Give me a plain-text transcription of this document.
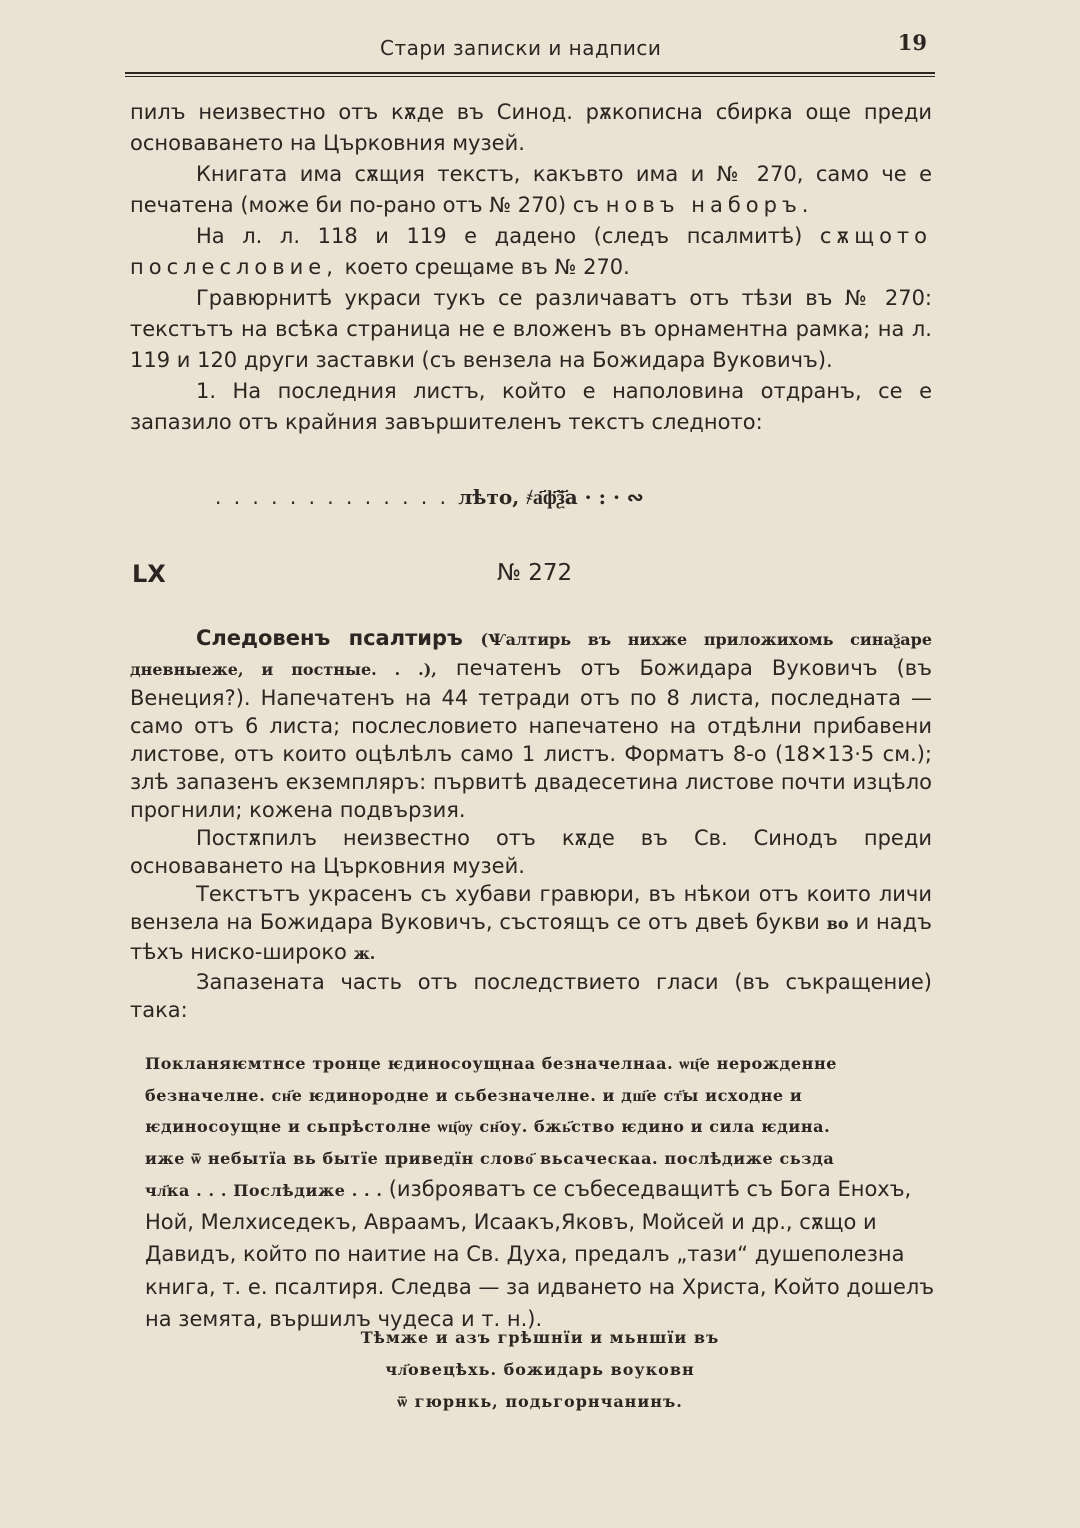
Стари записки и надписи	19

пилъ неизвестно отъ кѫде въ Синод. рѫкописна сбирка още преди основаването на Църковния музей.

Книгата има сѫщия текстъ, какъвто има и № 270, само че е печатена (може би по-рано отъ № 270) съ новъ наборъ.

На л. л. 118 и 119 е дадено (следъ псалмитѣ) сѫщото послесловие, което срещаме въ № 270.

Гравюрнитѣ украси тукъ се различаватъ отъ тѣзи въ № 270: текстътъ на всѣка страница не е вложенъ въ орнаментна рамка; на л. 119 и 120 други заставки (съ вензела на Божидара Вуковичъ).

1. На последния листъ, който е наполовина отдранъ, се е запазило отъ крайния завършителенъ текстъ следното:

. . . . . . . . . . . . . лѣто, ҂а҃ф҃ѯ҃а · : · ∾
LX	№ 272

Следовенъ псалтиръ (Ѱалтирь въ нихже приложихомь синаѯаре дневныеже, и постные. . .), печатенъ отъ Божидара Вуковичъ (въ Венеция?). Напечатенъ на 44 тетради отъ по 8 листа, последната — само отъ 6 листа; послесловието напечатено на отдѣлни прибавени листове, отъ които оцѣлѣлъ само 1 листъ. Форматъ 8-о (18✕13·5 см.); злѣ запазенъ екземпляръ: първитѣ двадесетина листове почти изцѣло прогнили; кожена подвързия.

Постѫпилъ неизвестно отъ кѫде въ Св. Синодъ преди основаването на Църковния музей.

Текстътъ украсенъ съ хубави гравюри, въ нѣкои отъ които личи вензела на Божидара Вуковичъ, състоящъ се отъ двеѣ букви во и надъ тѣхъ ниско-широко ж.

Запазената часть отъ последствието гласи (въ съкращение) така:

Покланяѥмтнсе тронце ѥдиносоущнаа безначелнаа. ѡц҃е нерожденне безначелне. сн҃е ѥдинородне и сьбезначелне. и дш҃е ст҃ы исходне и
ѥдиносоущне и сьпрѣстолне ѡц҃ѹ сн҃оу. бжь҃ство ѥдино и сила ѥдина.
иже ѿ небытїа вь бытїе приведїн слово҃ вьсаческаа. послѣдиже сьзда
чл҃ка . . . Послѣдиже . . . (изброяватъ се събеседващитѣ съ Бога Енохъ, Ной, Мелхиседекъ, Авраамъ, Исаакъ,Яковъ, Мойсей и др., сѫщо и Давидъ, който по наитие на Св. Духа, предалъ „тази“ душеполезна книга, т. е. псалтиря. Следва — за идването на Христа, Който дошелъ на земята, вършилъ чудеса и т. н.).
Тѣмже и азъ грѣшнїи и мьншїи въ
чл҃овецѣхь. божидарь воуковн
ѿ гюрнкь, подьгорнчанинъ.
